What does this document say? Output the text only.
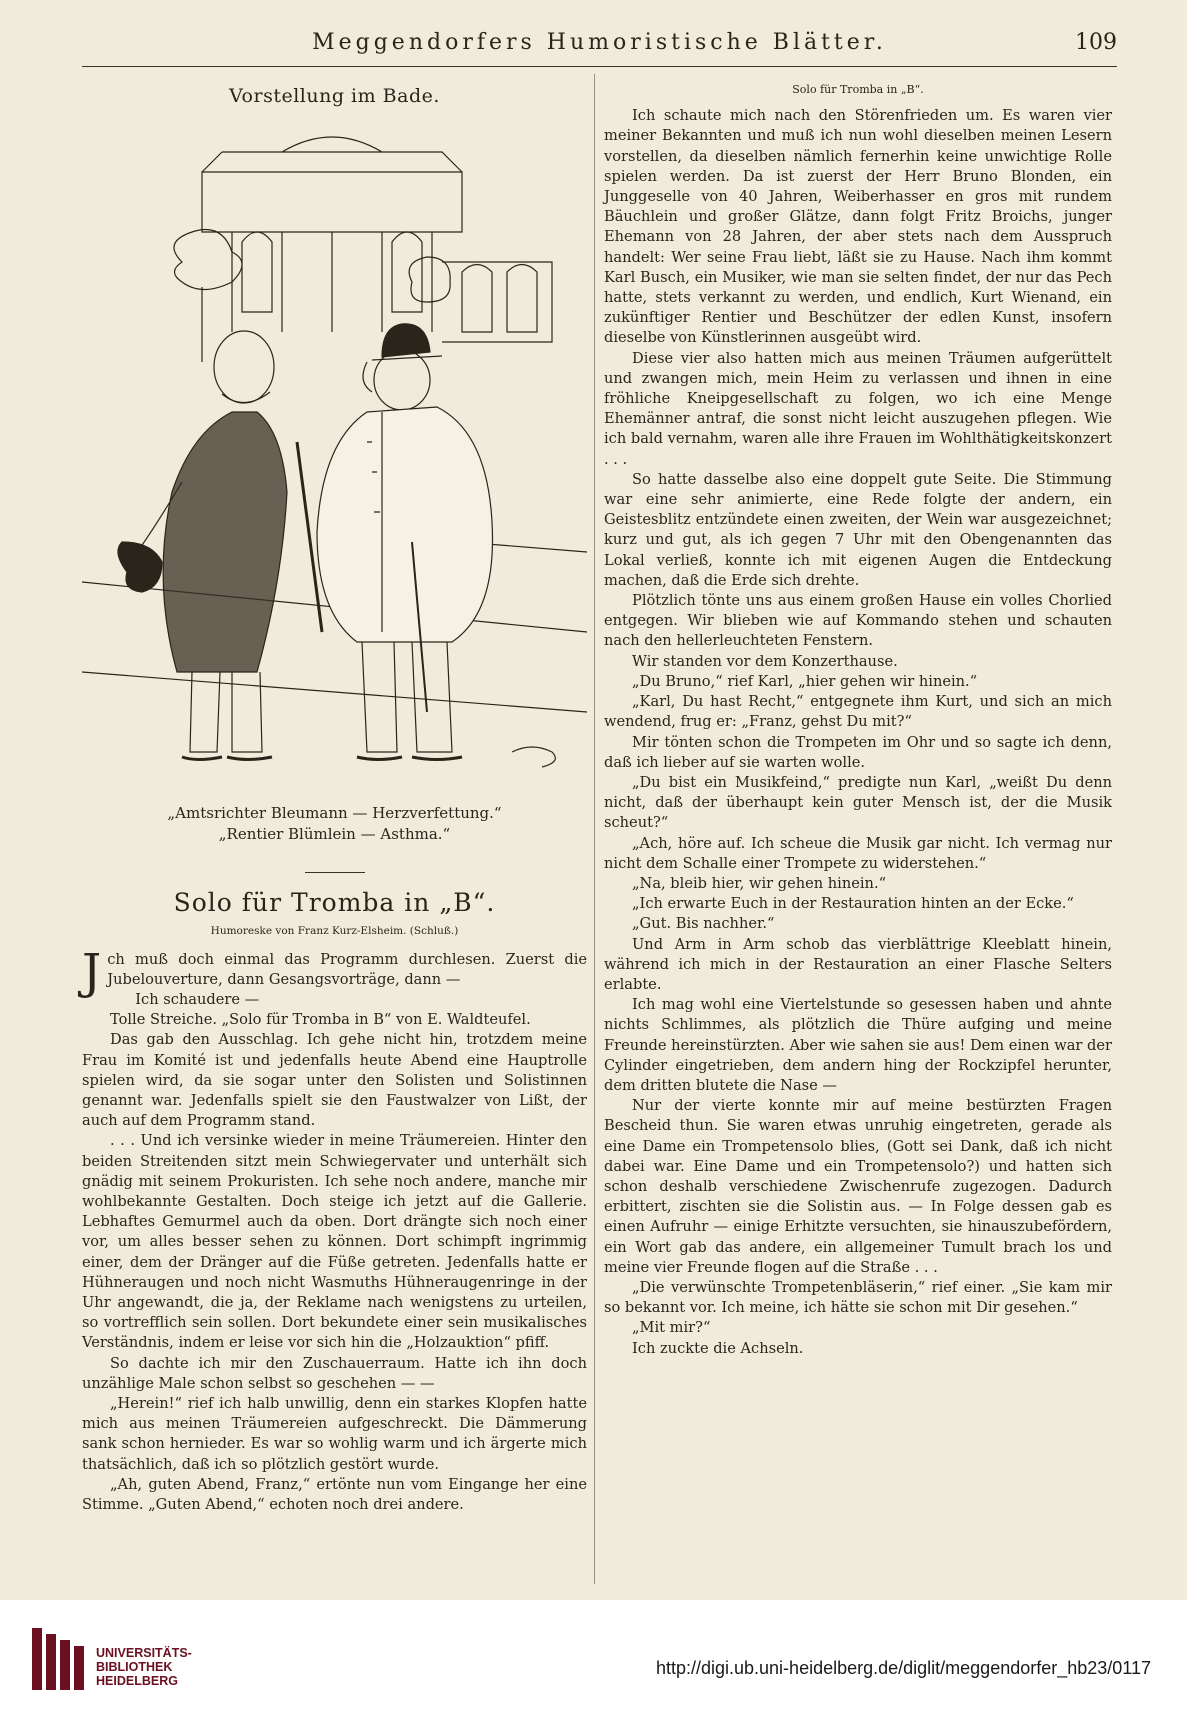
Meggendorfers Humoristische Blätter.	109
Vorstellung im Bade.
„Amtsrichter Bleumann — Herzverfettung.“
„Rentier Blümlein — Asthma.“
Solo für Tromba in „B“.
Humoreske von Franz Kurz-Elsheim. (Schluß.)

Jch muß doch einmal das Programm durchlesen. Zuerst die Jubelouverture, dann Gesangsvorträge, dann —

Ich schaudere —

Tolle Streiche. „Solo für Tromba in B“ von E. Waldteufel.

Das gab den Ausschlag. Ich gehe nicht hin, trotzdem meine Frau im Komité ist und jedenfalls heute Abend eine Hauptrolle spielen wird, da sie sogar unter den Solisten und Solistinnen genannt war. Jedenfalls spielt sie den Faustwalzer von Lißt, der auch auf dem Programm stand.

. . . Und ich versinke wieder in meine Träumereien. Hinter den beiden Streitenden sitzt mein Schwiegervater und unterhält sich gnädig mit seinem Prokuristen. Ich sehe noch andere, manche mir wohlbekannte Gestalten. Doch steige ich jetzt auf die Gallerie. Lebhaftes Gemurmel auch da oben. Dort drängte sich noch einer vor, um alles besser sehen zu können. Dort schimpft ingrimmig einer, dem der Dränger auf die Füße getreten. Jedenfalls hatte er Hühneraugen und noch nicht Wasmuths Hühneraugenringe in der Uhr angewandt, die ja, der Reklame nach wenigstens zu urteilen, so vortrefflich sein sollen. Dort bekundete einer sein musikalisches Verständnis, indem er leise vor sich hin die „Holzauktion“ pfiff.

So dachte ich mir den Zuschauerraum. Hatte ich ihn doch unzählige Male schon selbst so geschehen — —

„Herein!“ rief ich halb unwillig, denn ein starkes Klopfen hatte mich aus meinen Träumereien aufgeschreckt. Die Dämmerung sank schon hernieder. Es war so wohlig warm und ich ärgerte mich thatsächlich, daß ich so plötzlich gestört wurde.

„Ah, guten Abend, Franz,“ ertönte nun vom Eingange her eine Stimme. „Guten Abend,“ echoten noch drei andere.

Solo für Tromba in „B“.

Ich schaute mich nach den Störenfrieden um. Es waren vier meiner Bekannten und muß ich nun wohl dieselben meinen Lesern vorstellen, da dieselben nämlich fernerhin keine unwichtige Rolle spielen werden. Da ist zuerst der Herr Bruno Blonden, ein Junggeselle von 40 Jahren, Weiberhasser en gros mit rundem Bäuchlein und großer Glätze, dann folgt Fritz Broichs, junger Ehemann von 28 Jahren, der aber stets nach dem Ausspruch handelt: Wer seine Frau liebt, läßt sie zu Hause. Nach ihm kommt Karl Busch, ein Musiker, wie man sie selten findet, der nur das Pech hatte, stets verkannt zu werden, und endlich, Kurt Wienand, ein zukünftiger Rentier und Beschützer der edlen Kunst, insofern dieselbe von Künstlerinnen ausgeübt wird.

Diese vier also hatten mich aus meinen Träumen aufgerüttelt und zwangen mich, mein Heim zu verlassen und ihnen in eine fröhliche Kneipgesellschaft zu folgen, wo ich eine Menge Ehemänner antraf, die sonst nicht leicht auszugehen pflegen. Wie ich bald vernahm, waren alle ihre Frauen im Wohlthätigkeitskonzert . . .

So hatte dasselbe also eine doppelt gute Seite. Die Stimmung war eine sehr animierte, eine Rede folgte der andern, ein Geistesblitz entzündete einen zweiten, der Wein war ausgezeichnet; kurz und gut, als ich gegen 7 Uhr mit den Obengenannten das Lokal verließ, konnte ich mit eigenen Augen die Entdeckung machen, daß die Erde sich drehte.

Plötzlich tönte uns aus einem großen Hause ein volles Chorlied entgegen. Wir blieben wie auf Kommando stehen und schauten nach den hellerleuchteten Fenstern.

Wir standen vor dem Konzerthause.

„Du Bruno,“ rief Karl, „hier gehen wir hinein.“

„Karl, Du hast Recht,“ entgegnete ihm Kurt, und sich an mich wendend, frug er: „Franz, gehst Du mit?“

Mir tönten schon die Trompeten im Ohr und so sagte ich denn, daß ich lieber auf sie warten wolle.

„Du bist ein Musikfeind,“ predigte nun Karl, „weißt Du denn nicht, daß der überhaupt kein guter Mensch ist, der die Musik scheut?“

„Ach, höre auf. Ich scheue die Musik gar nicht. Ich vermag nur nicht dem Schalle einer Trompete zu widerstehen.“

„Na, bleib hier, wir gehen hinein.“

„Ich erwarte Euch in der Restauration hinten an der Ecke.“

„Gut. Bis nachher.“

Und Arm in Arm schob das vierblättrige Kleeblatt hinein, während ich mich in der Restauration an einer Flasche Selters erlabte.

Ich mag wohl eine Viertelstunde so gesessen haben und ahnte nichts Schlimmes, als plötzlich die Thüre aufging und meine Freunde hereinstürzten. Aber wie sahen sie aus! Dem einen war der Cylinder eingetrieben, dem andern hing der Rockzipfel herunter, dem dritten blutete die Nase —

Nur der vierte konnte mir auf meine bestürzten Fragen Bescheid thun. Sie waren etwas unruhig eingetreten, gerade als eine Dame ein Trompetensolo blies, (Gott sei Dank, daß ich nicht dabei war. Eine Dame und ein Trompetensolo?) und hatten sich schon deshalb verschiedene Zwischenrufe zugezogen. Dadurch erbittert, zischten sie die Solistin aus. — In Folge dessen gab es einen Aufruhr — einige Erhitzte versuchten, sie hinauszubefördern, ein Wort gab das andere, ein allgemeiner Tumult brach los und meine vier Freunde flogen auf die Straße . . .

„Die verwünschte Trompetenbläserin,“ rief einer. „Sie kam mir so bekannt vor. Ich meine, ich hätte sie schon mit Dir gesehen.“

„Mit mir?“

Ich zuckte die Achseln.

UNIVERSITÄTS-
BIBLIOTHEK
HEIDELBERG
http://digi.ub.uni-heidelberg.de/diglit/meggendorfer_hb23/0117
